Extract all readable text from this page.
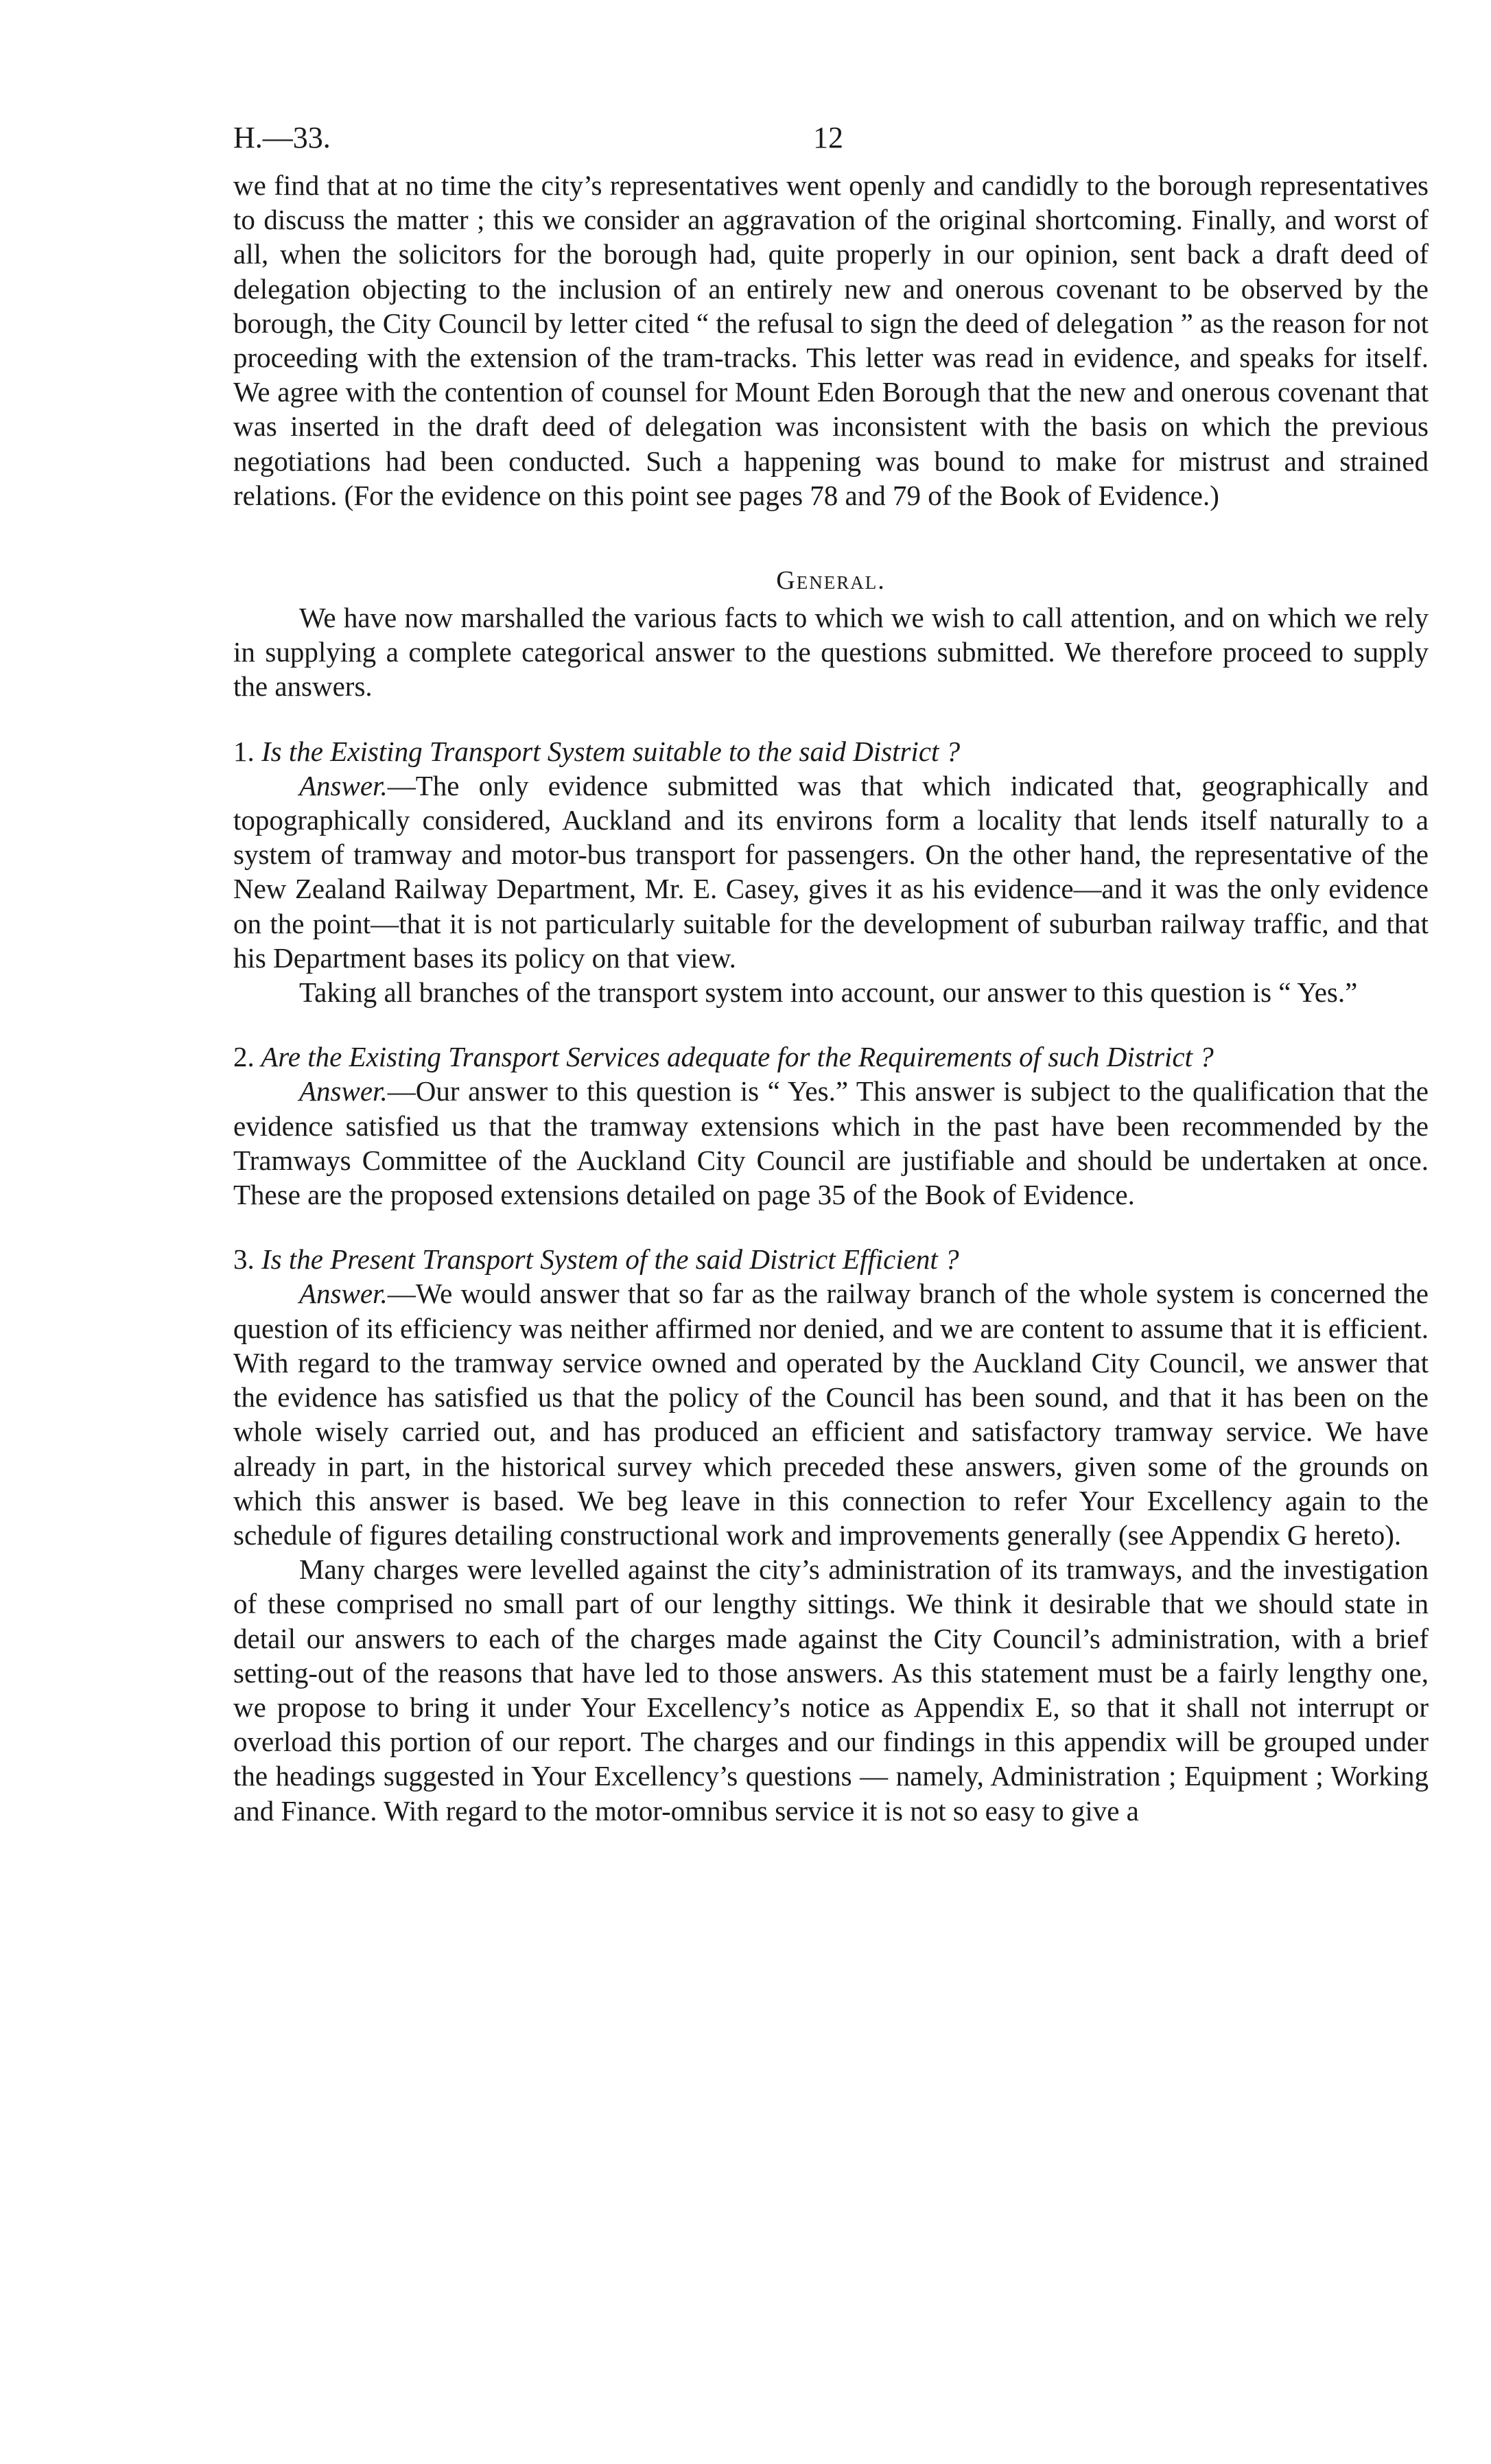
H.—33.	12

we find that at no time the city’s representatives went openly and candidly to the borough representatives to discuss the matter ; this we consider an aggravation of the original shortcoming. Finally, and worst of all, when the solicitors for the borough had, quite properly in our opinion, sent back a draft deed of delegation objecting to the inclusion of an entirely new and onerous covenant to be observed by the borough, the City Council by letter cited “ the refusal to sign the deed of delegation ” as the reason for not proceeding with the extension of the tram-tracks. This letter was read in evidence, and speaks for itself. We agree with the contention of counsel for Mount Eden Borough that the new and onerous covenant that was inserted in the draft deed of delegation was inconsistent with the basis on which the previous negotiations had been conducted. Such a happening was bound to make for mistrust and strained relations. (For the evidence on this point see pages 78 and 79 of the Book of Evidence.)

General.

We have now marshalled the various facts to which we wish to call attention, and on which we rely in supplying a complete categorical answer to the questions submitted. We therefore proceed to supply the answers.

1. Is the Existing Transport System suitable to the said District ?

Answer.—The only evidence submitted was that which indicated that, geographically and topographically considered, Auckland and its environs form a locality that lends itself naturally to a system of tramway and motor-bus transport for passengers. On the other hand, the representative of the New Zealand Railway Department, Mr. E. Casey, gives it as his evidence—and it was the only evidence on the point—that it is not particularly suitable for the development of suburban railway traffic, and that his Department bases its policy on that view.

Taking all branches of the transport system into account, our answer to this question is “ Yes.”

2. Are the Existing Transport Services adequate for the Requirements of such District ?

Answer.—Our answer to this question is “ Yes.” This answer is subject to the qualification that the evidence satisfied us that the tramway extensions which in the past have been recommended by the Tramways Committee of the Auckland City Council are justifiable and should be undertaken at once. These are the proposed extensions detailed on page 35 of the Book of Evidence.

3. Is the Present Transport System of the said District Efficient ?

Answer.—We would answer that so far as the railway branch of the whole system is concerned the question of its efficiency was neither affirmed nor denied, and we are content to assume that it is efficient. With regard to the tramway service owned and operated by the Auckland City Council, we answer that the evidence has satisfied us that the policy of the Council has been sound, and that it has been on the whole wisely carried out, and has produced an efficient and satisfactory tramway service. We have already in part, in the historical survey which preceded these answers, given some of the grounds on which this answer is based. We beg leave in this connection to refer Your Excellency again to the schedule of figures detailing constructional work and improvements generally (see Appendix G hereto).

Many charges were levelled against the city’s administration of its tramways, and the investigation of these comprised no small part of our lengthy sittings. We think it desirable that we should state in detail our answers to each of the charges made against the City Council’s administration, with a brief setting-out of the reasons that have led to those answers. As this statement must be a fairly lengthy one, we propose to bring it under Your Excellency’s notice as Appendix E, so that it shall not interrupt or overload this portion of our report. The charges and our findings in this appendix will be grouped under the headings suggested in Your Excellency’s questions — namely, Administration ; Equipment ; Working and Finance. With regard to the motor-omnibus service it is not so easy to give a
